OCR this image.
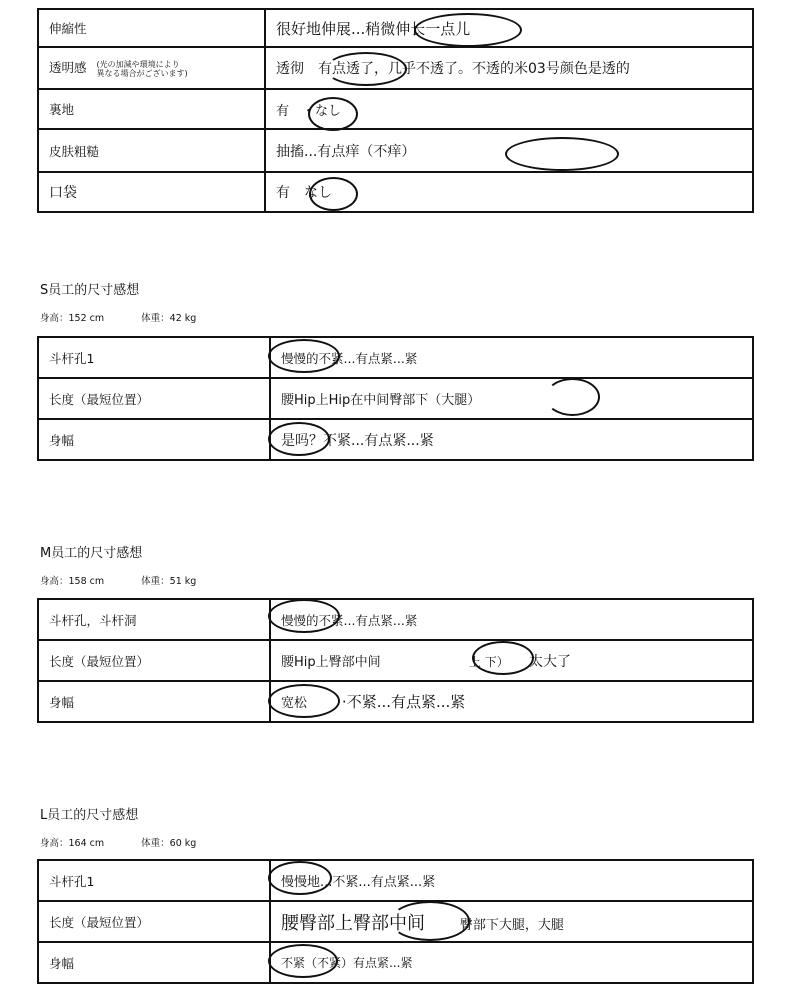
伸縮性	很好地伸展...稍微伸长一点儿
透明感 (光の加減や環境により
異なる場合がございます)	透彻　有点透了，几乎不透了。不透的米03号颜色是透的
裏地	有　・なし
皮肤粗糙	抽搐...有点痒（不痒）
口袋	有　なし
S员工的尺寸感想
身高：152 cm	体重：42 kg
斗杆孔1	慢慢的不紧...有点紧...紧
长度（最短位置）	腰Hip上Hip在中间臀部下（大腿）
身幅	是吗？不紧...有点紧...紧
M员工的尺寸感想
身高：158 cm	体重：51 kg
斗杆孔，斗杆洞	慢慢的不紧...有点紧...紧
长度（最短位置）	腰Hip上臀部中间 上 下） 太大了
身幅	宽松 ·不紧...有点紧...紧
L员工的尺寸感想
身高：164 cm	体重：60 kg
斗杆孔1	慢慢地...不紧...有点紧...紧
长度（最短位置）	腰臀部上臀部中间 臀部下大腿，大腿
身幅	不紧（不紧）有点紧...紧
